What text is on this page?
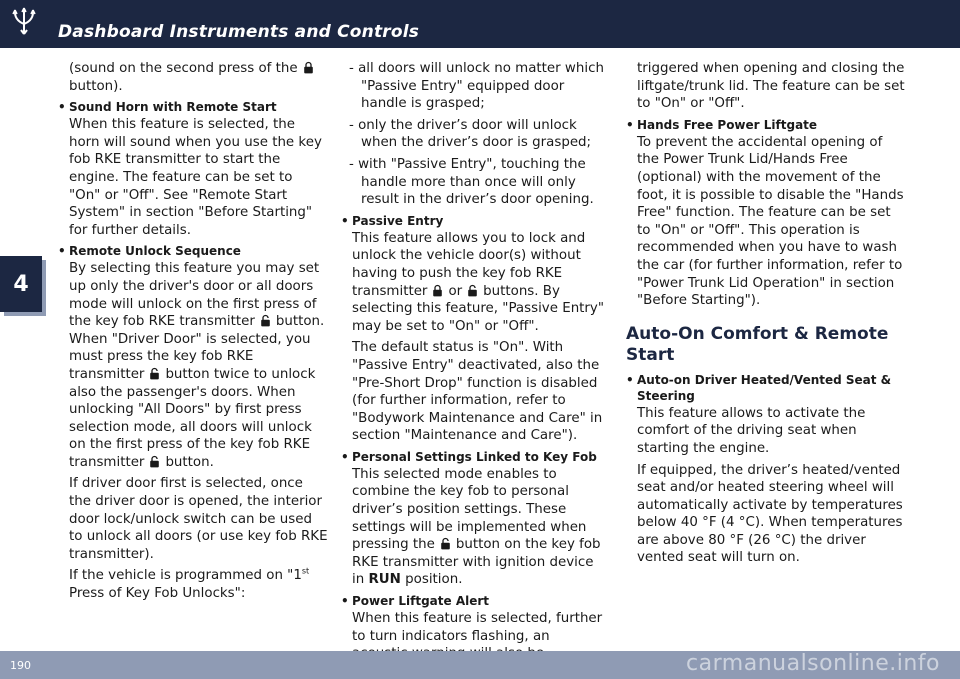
Dashboard Instruments and Controls
4

(sound on the second press of the
button).

• Sound Horn with Remote Start

When this feature is selected, the horn will sound when you use the key fob RKE transmitter to start the engine. The feature can be set to "On" or "Off". See "Remote Start System" in section "Before Starting" for further details.

• Remote Unlock Sequence

By selecting this feature you may set up only the driver's door or all doors mode will unlock on the first press of the key fob RKE transmitter button. When "Driver Door" is selected, you must press the key fob RKE transmitter button twice to unlock also the passenger's doors. When unlocking "All Doors" by first press selection mode, all doors will unlock on the first press of the key fob RKE transmitter button.

If driver door first is selected, once the driver door is opened, the interior door lock/unlock switch can be used to unlock all doors (or use key fob RKE transmitter).

If the vehicle is programmed on "1st
Press of Key Fob Unlocks":

- all doors will unlock no matter which "Passive Entry" equipped door handle is grasped;

- only the driver’s door will unlock when the driver’s door is grasped;

- with "Passive Entry", touching the handle more than once will only result in the driver’s door opening.

• Passive Entry

This feature allows you to lock and unlock the vehicle door(s) without having to push the key fob RKE transmitter or buttons. By selecting this feature, "Passive Entry" may be set to "On" or "Off".

The default status is "On". With "Passive Entry" deactivated, also the "Pre-Short Drop" function is disabled (for further information, refer to "Bodywork Maintenance and Care" in section "Maintenance and Care").

• Personal Settings Linked to Key Fob

This selected mode enables to combine the key fob to personal driver’s position settings. These settings will be implemented when pressing the button on the key fob RKE transmitter with ignition device in RUN position.

• Power Liftgate Alert

When this feature is selected, further to turn indicators flashing, an

triggered when opening and closing the liftgate/trunk lid. The feature can be set to "On" or "Off".

• Hands Free Power Liftgate

To prevent the accidental opening of the Power Trunk Lid/Hands Free (optional) with the movement of the foot, it is possible to disable the "Hands Free" function. The feature can be set to "On" or "Off". This operation is recommended when you have to wash the car (for further information, refer to "Power Trunk Lid Operation" in section "Before Starting").

Auto-On Comfort & Remote Start
• Auto-on Driver Heated/Vented Seat & Steering

This feature allows to activate the comfort of the driving seat when starting the engine.

If equipped, the driver’s heated/vented seat and/or heated steering wheel will automatically activate by temperatures below 40 °F (4 °C). When temperatures are above 80 °F (26 °C) the driver vented seat will turn on.

190	carmanualsonline.info
